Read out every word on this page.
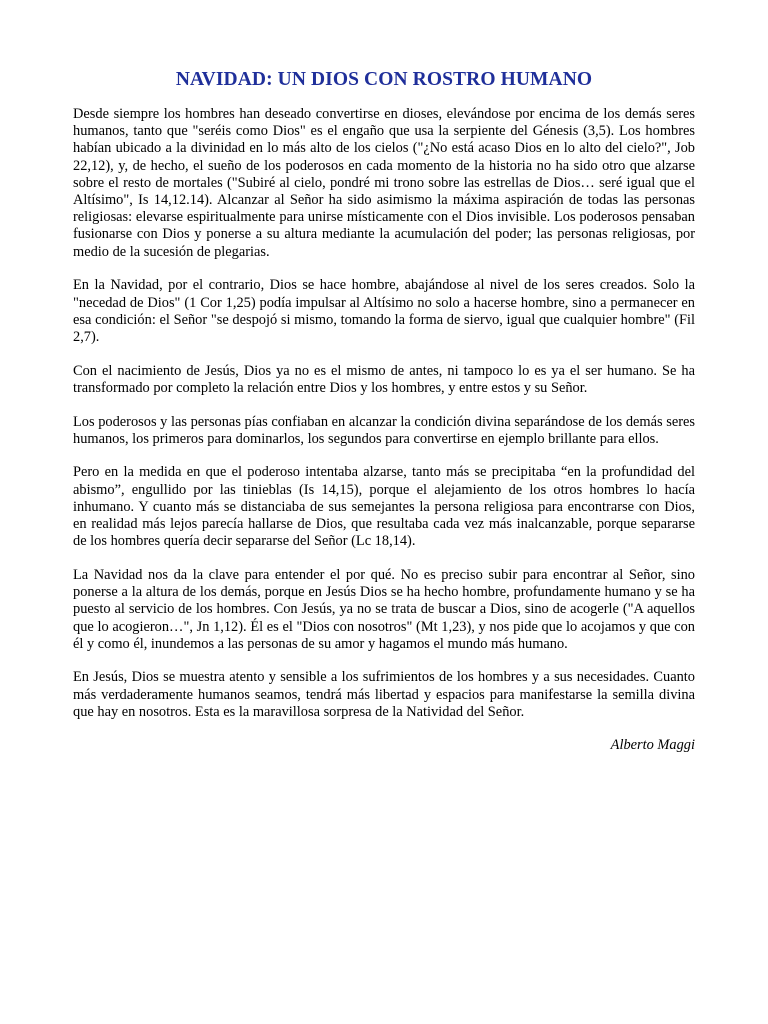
NAVIDAD: UN DIOS CON ROSTRO HUMANO

Desde siempre los hombres han deseado convertirse en dioses, elevándose por encima de los demás seres humanos, tanto que "seréis como Dios" es el engaño que usa la serpiente del Génesis (3,5). Los hombres habían ubicado a la divinidad en lo más alto de los cielos ("¿No está acaso Dios en lo alto del cielo?", Job 22,12), y, de hecho, el sueño de los poderosos en cada momento de la historia no ha sido otro que alzarse sobre el resto de mortales ("Subiré al cielo, pondré mi trono sobre las estrellas de Dios… seré igual que el Altísimo", Is 14,12.14). Alcanzar al Señor ha sido asimismo la máxima aspiración de todas las personas religiosas: elevarse espiritualmente para unirse místicamente con el Dios invisible. Los poderosos pensaban fusionarse con Dios y ponerse a su altura mediante la acumulación del poder; las personas religiosas, por medio de la sucesión de plegarias.

En la Navidad, por el contrario, Dios se hace hombre, abajándose al nivel de los seres creados. Solo la "necedad de Dios" (1 Cor 1,25) podía impulsar al Altísimo no solo a hacerse hombre, sino a permanecer en esa condición: el Señor "se despojó si mismo, tomando la forma de siervo, igual que cualquier hombre" (Fil 2,7).

Con el nacimiento de Jesús, Dios ya no es el mismo de antes, ni tampoco lo es ya el ser humano. Se ha transformado por completo la relación entre Dios y los hombres, y entre estos y su Señor.

Los poderosos y las personas pías confiaban en alcanzar la condición divina separándose de los demás seres humanos, los primeros para dominarlos, los segundos para convertirse en ejemplo brillante para ellos.

Pero en la medida en que el poderoso intentaba alzarse, tanto más se precipitaba “en la profundidad del abismo”, engullido por las tinieblas (Is 14,15), porque el alejamiento de los otros hombres lo hacía inhumano. Y cuanto más se distanciaba de sus semejantes la persona religiosa para encontrarse con Dios, en realidad más lejos parecía hallarse de Dios, que resultaba cada vez más inalcanzable, porque separarse de los hombres quería decir separarse del Señor (Lc 18,14).

La Navidad nos da la clave para entender el por qué. No es preciso subir para encontrar al Señor, sino ponerse a la altura de los demás, porque en Jesús Dios se ha hecho hombre, profundamente humano y se ha puesto al servicio de los hombres. Con Jesús, ya no se trata de buscar a Dios, sino de acogerle ("A aquellos que lo acogieron…", Jn 1,12). Él es el "Dios con nosotros" (Mt 1,23), y nos pide que lo acojamos y que con él y como él, inundemos a las personas de su amor y hagamos el mundo más humano.

En Jesús, Dios se muestra atento y sensible a los sufrimientos de los hombres y a sus necesidades. Cuanto más verdaderamente humanos seamos, tendrá más libertad y espacios para manifestarse la semilla divina que hay en nosotros. Esta es la maravillosa sorpresa de la Natividad del Señor.

Alberto Maggi
